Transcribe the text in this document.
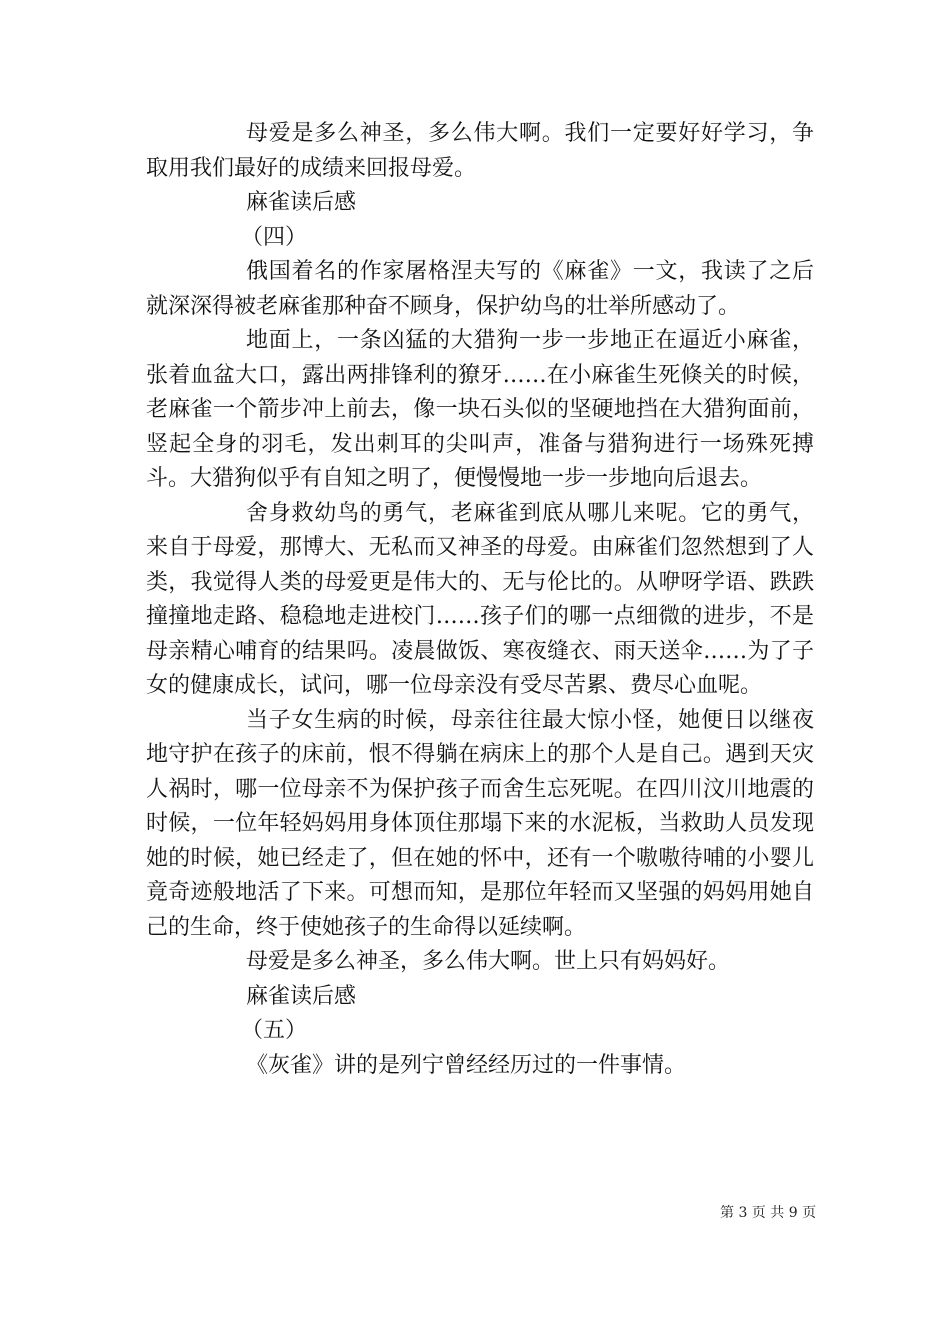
母爱是多么神圣，多么伟大啊。我们一定要好好学习，争取用我们最好的成绩来回报母爱。

麻雀读后感

（四）

俄国着名的作家屠格涅夫写的《麻雀》一文，我读了之后就深深得被老麻雀那种奋不顾身，保护幼鸟的壮举所感动了。

地面上，一条凶猛的大猎狗一步一步地正在逼近小麻雀，张着血盆大口，露出两排锋利的獠牙……在小麻雀生死倏关的时候，老麻雀一个箭步冲上前去，像一块石头似的坚硬地挡在大猎狗面前，竖起全身的羽毛，发出刺耳的尖叫声，准备与猎狗进行一场殊死搏斗。大猎狗似乎有自知之明了，便慢慢地一步一步地向后退去。

舍身救幼鸟的勇气，老麻雀到底从哪儿来呢。它的勇气，来自于母爱，那博大、无私而又神圣的母爱。由麻雀们忽然想到了人类，我觉得人类的母爱更是伟大的、无与伦比的。从咿呀学语、跌跌撞撞地走路、稳稳地走进校门……孩子们的哪一点细微的进步，不是母亲精心哺育的结果吗。凌晨做饭、寒夜缝衣、雨天送伞……为了子女的健康成长，试问，哪一位母亲没有受尽苦累、费尽心血呢。

当子女生病的时候，母亲往往最大惊小怪，她便日以继夜地守护在孩子的床前，恨不得躺在病床上的那个人是自己。遇到天灾人祸时，哪一位母亲不为保护孩子而舍生忘死呢。在四川汶川地震的时候，一位年轻妈妈用身体顶住那塌下来的水泥板，当救助人员发现她的时候，她已经走了，但在她的怀中，还有一个嗷嗷待哺的小婴儿竟奇迹般地活了下来。可想而知，是那位年轻而又坚强的妈妈用她自己的生命，终于使她孩子的生命得以延续啊。

母爱是多么神圣，多么伟大啊。世上只有妈妈好。

麻雀读后感

（五）

《灰雀》讲的是列宁曾经经历过的一件事情。

第 3 页 共 9 页
